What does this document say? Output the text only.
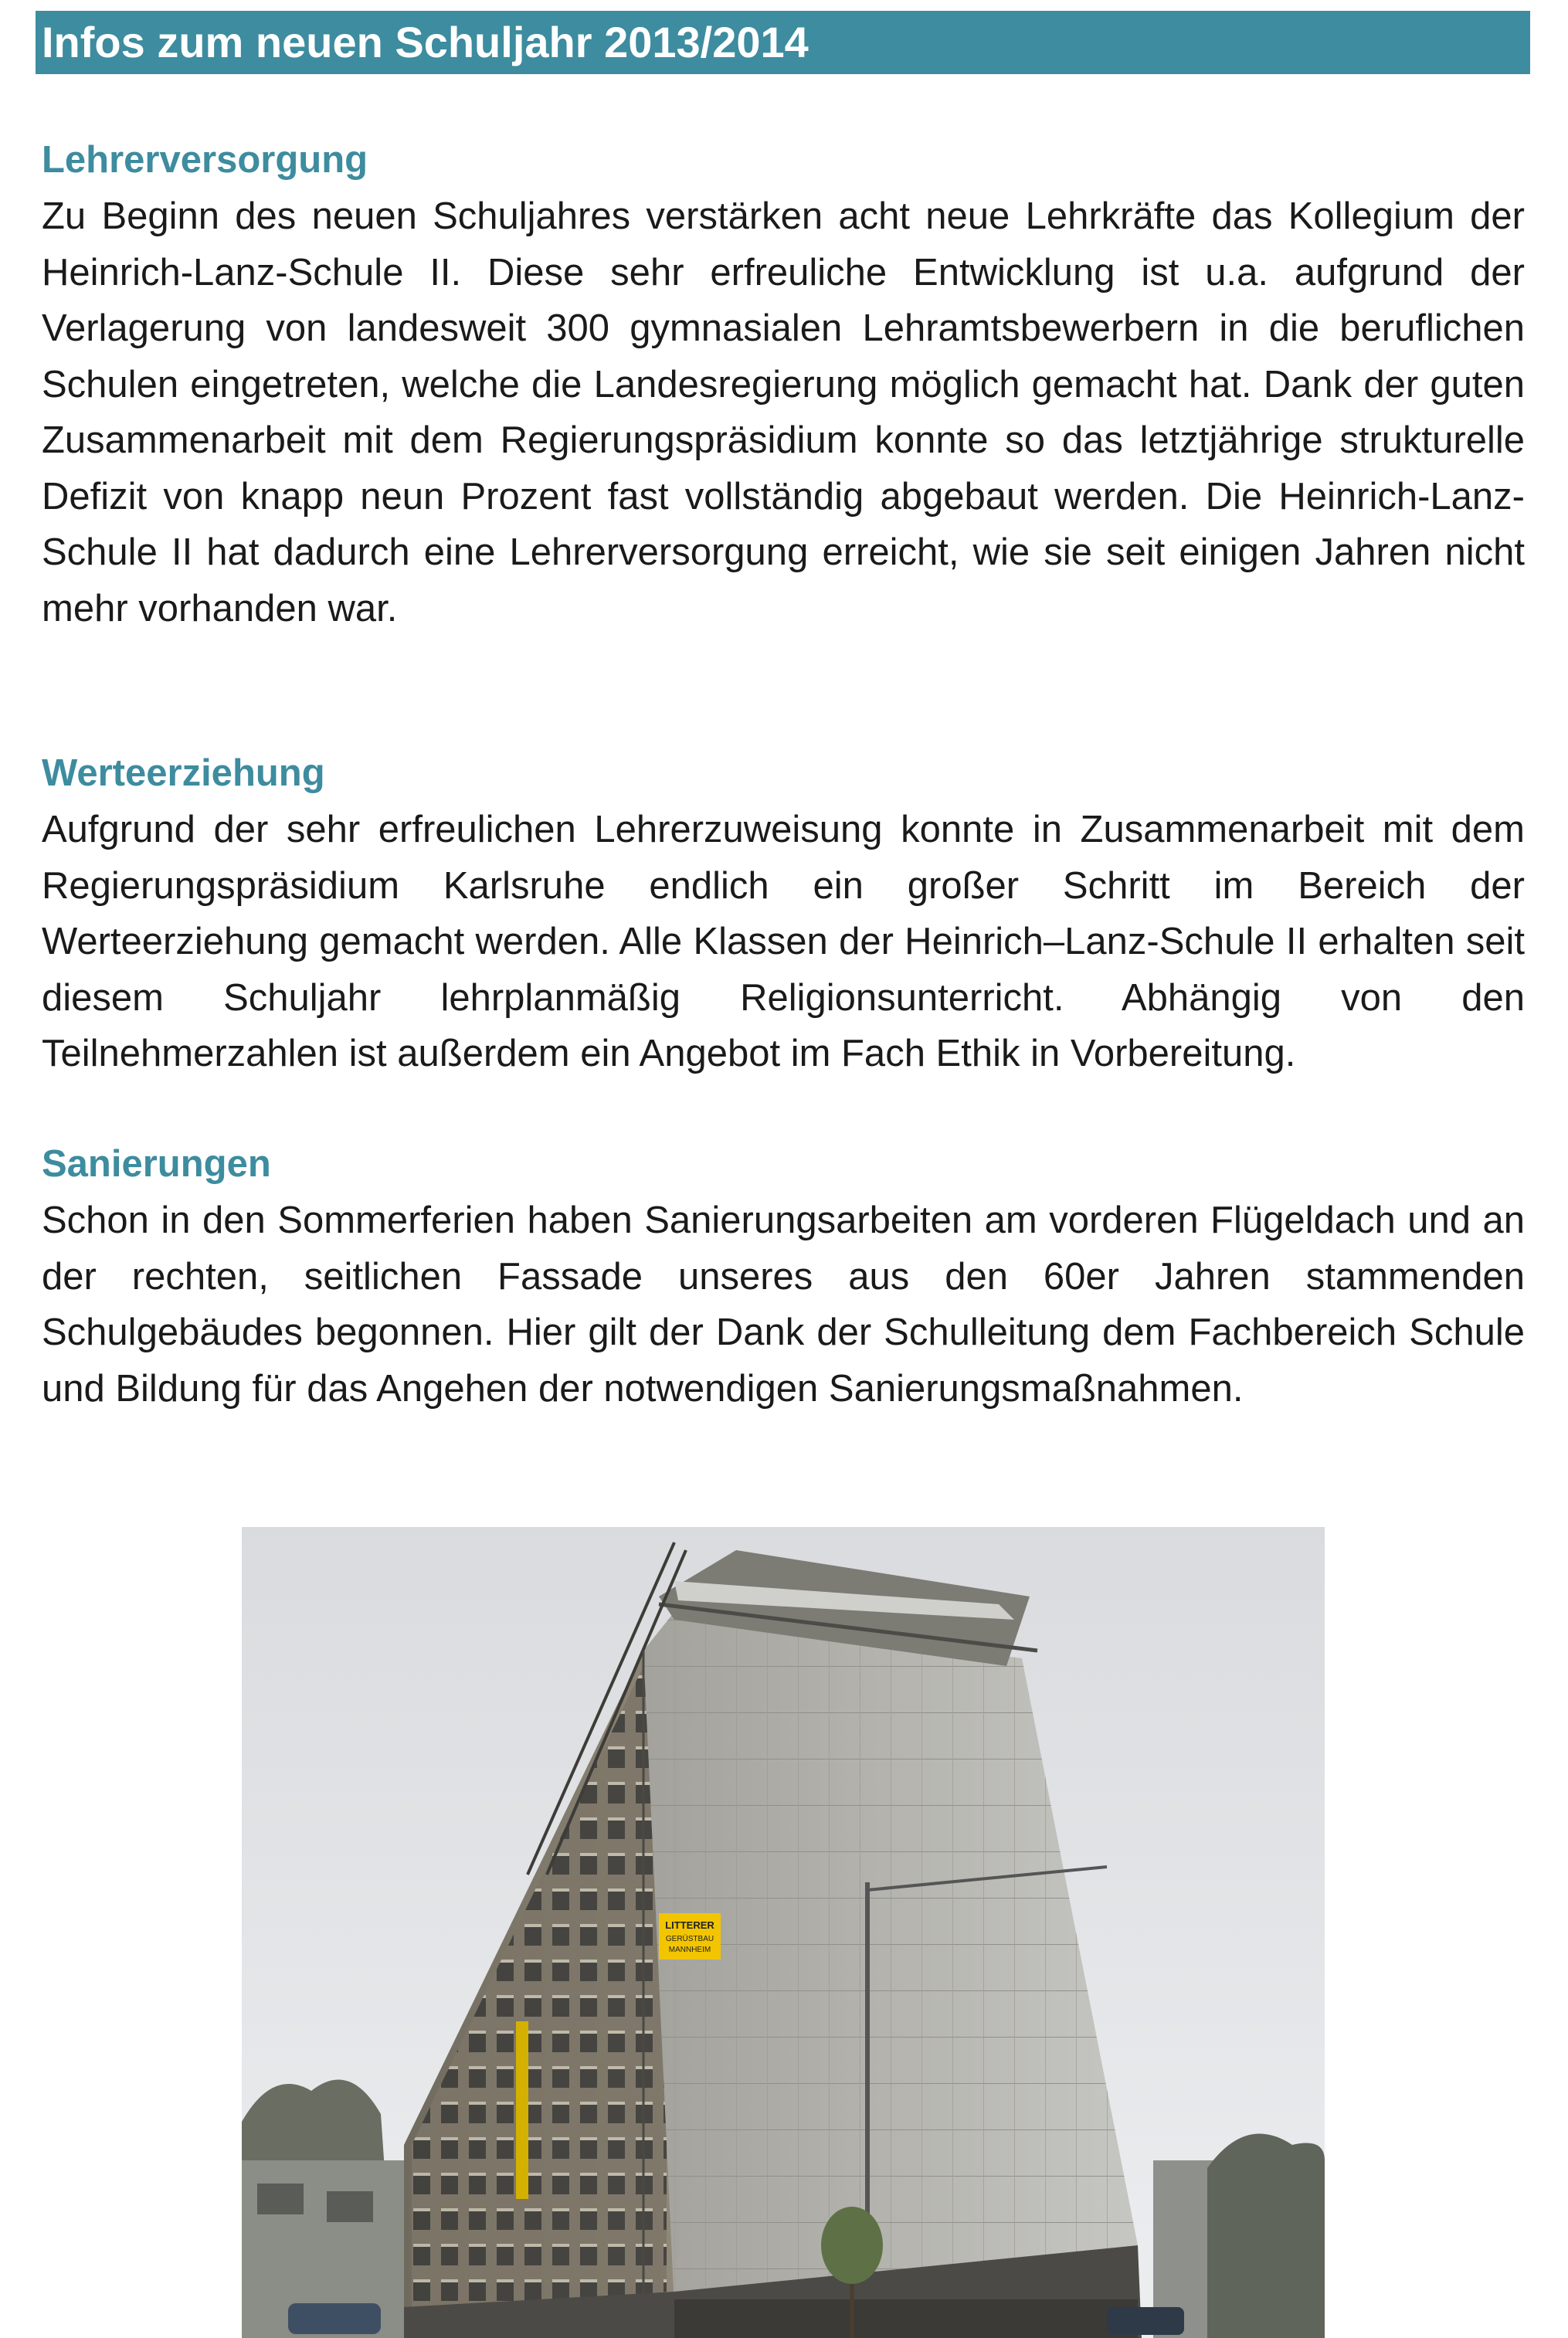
Infos zum neuen Schuljahr 2013/2014
Lehrerversorgung

Zu Beginn des neuen Schuljahres verstärken acht neue Lehrkräfte das Kollegium der Heinrich-Lanz-Schule II. Diese sehr erfreuliche Entwicklung ist u.a. aufgrund der Verlagerung von landesweit 300 gymnasialen Lehramtsbewerbern in die beruflichen Schulen eingetreten, welche die Landesregierung möglich gemacht hat. Dank der guten Zusammenarbeit mit dem Regierungspräsidium konnte so das letztjährige strukturelle Defizit von knapp neun Prozent fast vollständig abgebaut werden. Die Heinrich-Lanz-Schule II hat dadurch eine Lehrerversorgung erreicht, wie sie seit einigen Jahren nicht mehr vorhanden war.

Werteerziehung

Aufgrund der sehr erfreulichen Lehrerzuweisung konnte in Zusammenarbeit mit dem Regierungspräsidium Karlsruhe endlich ein großer Schritt im Bereich der Werteerziehung gemacht werden. Alle Klassen der Heinrich–Lanz-Schule II erhalten seit diesem Schuljahr lehrplanmäßig Religionsunterricht. Abhängig von den Teilnehmerzahlen ist außerdem ein Angebot im Fach Ethik in Vorbereitung.

Sanierungen

Schon in den Sommerferien haben Sanierungsarbeiten am vorderen Flügeldach und an der rechten, seitlichen Fassade unseres aus den 60er Jahren stammenden Schulgebäudes begonnen. Hier gilt der Dank der Schulleitung dem Fachbereich Schule und Bildung für das Angehen der notwendigen Sanierungsmaßnahmen.

LITTERER
GERÜSTBAU
MANNHEIM
